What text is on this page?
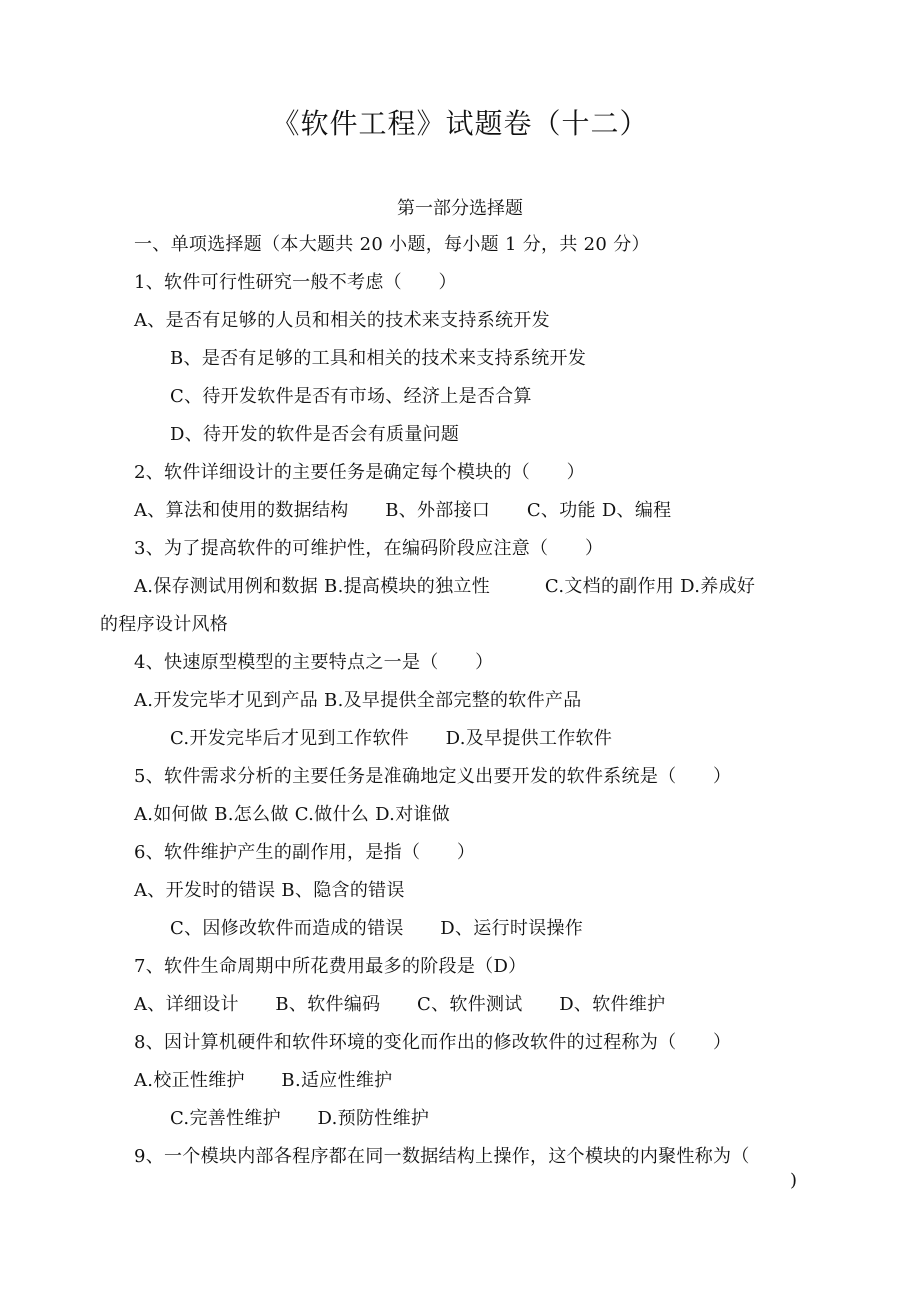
《软件工程》试题卷（十二）
第一部分选择题
一、单项选择题（本大题共 20 小题，每小题 1 分，共 20 分）
1、软件可行性研究一般不考虑（　　）
A、是否有足够的人员和相关的技术来支持系统开发
B、是否有足够的工具和相关的技术来支持系统开发
C、待开发软件是否有市场、经济上是否合算
D、待开发的软件是否会有质量问题
2、软件详细设计的主要任务是确定每个模块的（　　）
A、算法和使用的数据结构　　B、外部接口　　C、功能 D、编程
3、为了提高软件的可维护性，在编码阶段应注意（　　）
A.保存测试用例和数据 B.提高模块的独立性　　　C.文档的副作用 D.养成好
的程序设计风格
4、快速原型模型的主要特点之一是（　　）
A.开发完毕才见到产品 B.及早提供全部完整的软件产品
C.开发完毕后才见到工作软件　　D.及早提供工作软件
5、软件需求分析的主要任务是准确地定义出要开发的软件系统是（　　）
A.如何做 B.怎么做 C.做什么 D.对谁做
6、软件维护产生的副作用，是指（　　）
A、开发时的错误 B、隐含的错误
C、因修改软件而造成的错误　　D、运行时误操作
7、软件生命周期中所花费用最多的阶段是（D）
A、详细设计　　B、软件编码　　C、软件测试　　D、软件维护
8、因计算机硬件和软件环境的变化而作出的修改软件的过程称为（　　）
A.校正性维护　　B.适应性维护
C.完善性维护　　D.预防性维护
9、一个模块内部各程序都在同一数据结构上操作，这个模块的内聚性称为（
)
